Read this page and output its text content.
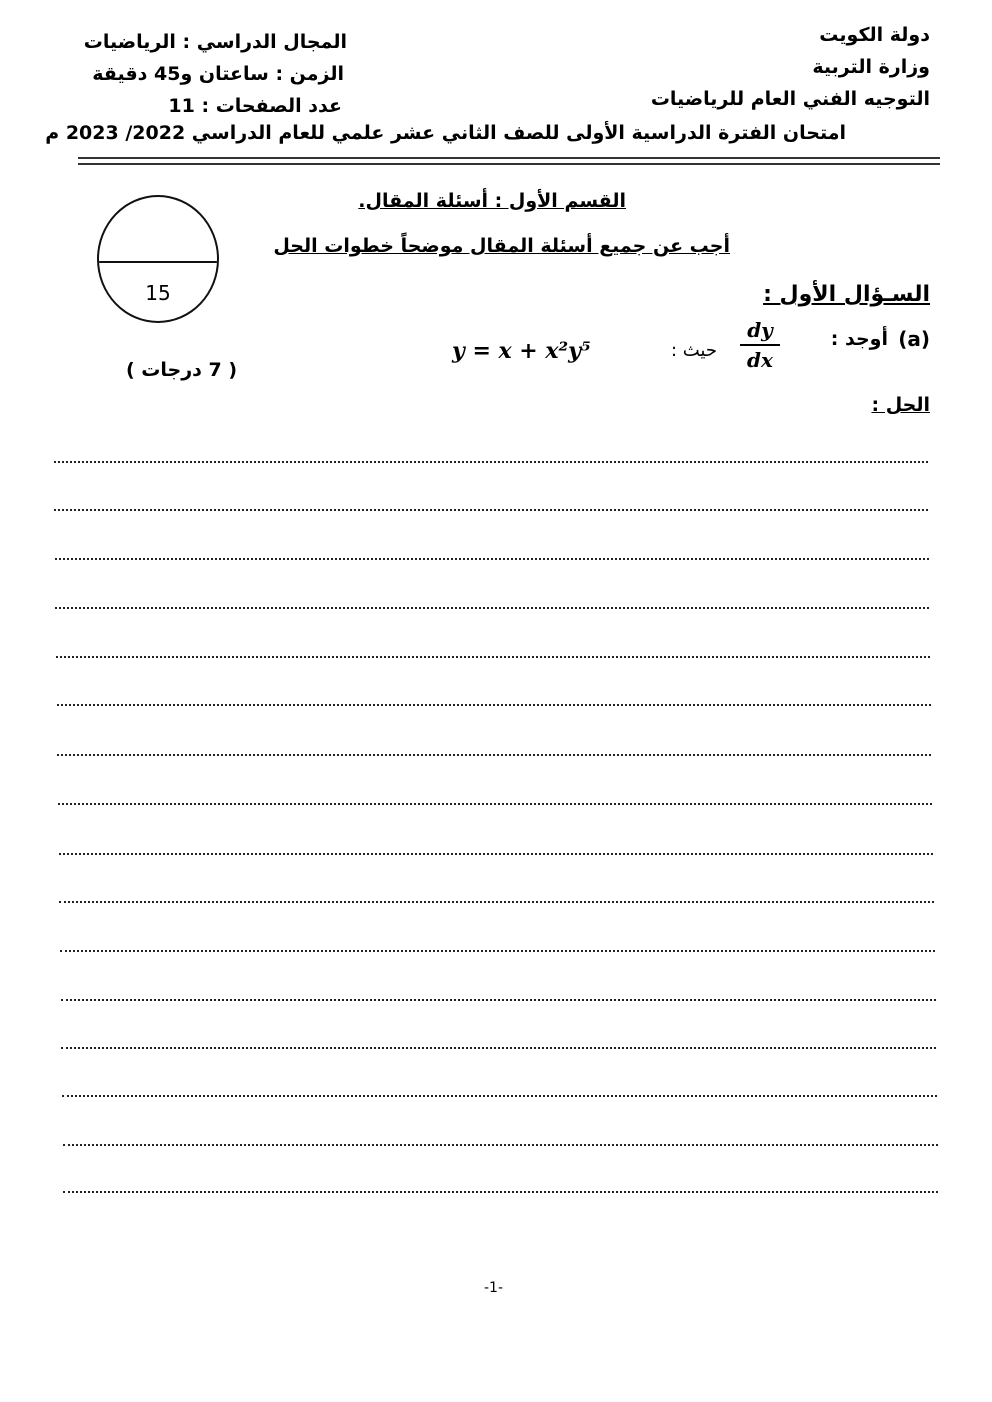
دولة الكويت
وزارة التربية
التوجيه الفني العام للرياضيات
المجال الدراسي : الرياضيات
الزمن : ساعتان و45 دقيقة
عدد الصفحات : 11
امتحان الفترة الدراسية الأولى للصف الثاني عشر علمي للعام الدراسي 2022/ 2023 م
15
القسم الأول : أسئلة المقال.
أجب عن جميع أسئلة المقال موضحاً خطوات الحل
السـؤال الأول :
(a)
أوجد :
dy
dx
حيث :
y = x + x²y⁵
( 7 درجات )
الحل :
-1-
